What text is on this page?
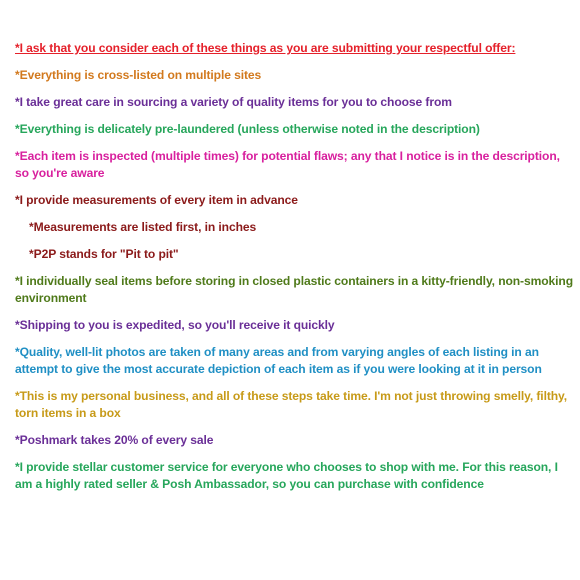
*I ask that you consider each of these things as you are submitting your respectful offer:

*Everything is cross-listed on multiple sites

*I take great care in sourcing a variety of quality items for you to choose from

*Everything is delicately pre-laundered (unless otherwise noted in the description)

*Each item is inspected (multiple times) for potential flaws; any that I notice is in the description, so you're aware

*I provide measurements of every item in advance

*Measurements are listed first, in inches

*P2P stands for "Pit to pit"

*I individually seal items before storing in closed plastic containers in a kitty-friendly, non-smoking environment

*Shipping to you is expedited, so you'll receive it quickly

*Quality, well-lit photos are taken of many areas and from varying angles of each listing in an attempt to give the most accurate depiction of each item as if you were looking at it in person

*This is my personal business, and all of these steps take time. I'm not just throwing smelly, filthy, torn items in a box

*Poshmark takes 20% of every sale

*I provide stellar customer service for everyone who chooses to shop with me. For this reason, I am a highly rated seller & Posh Ambassador, so you can purchase with confidence
